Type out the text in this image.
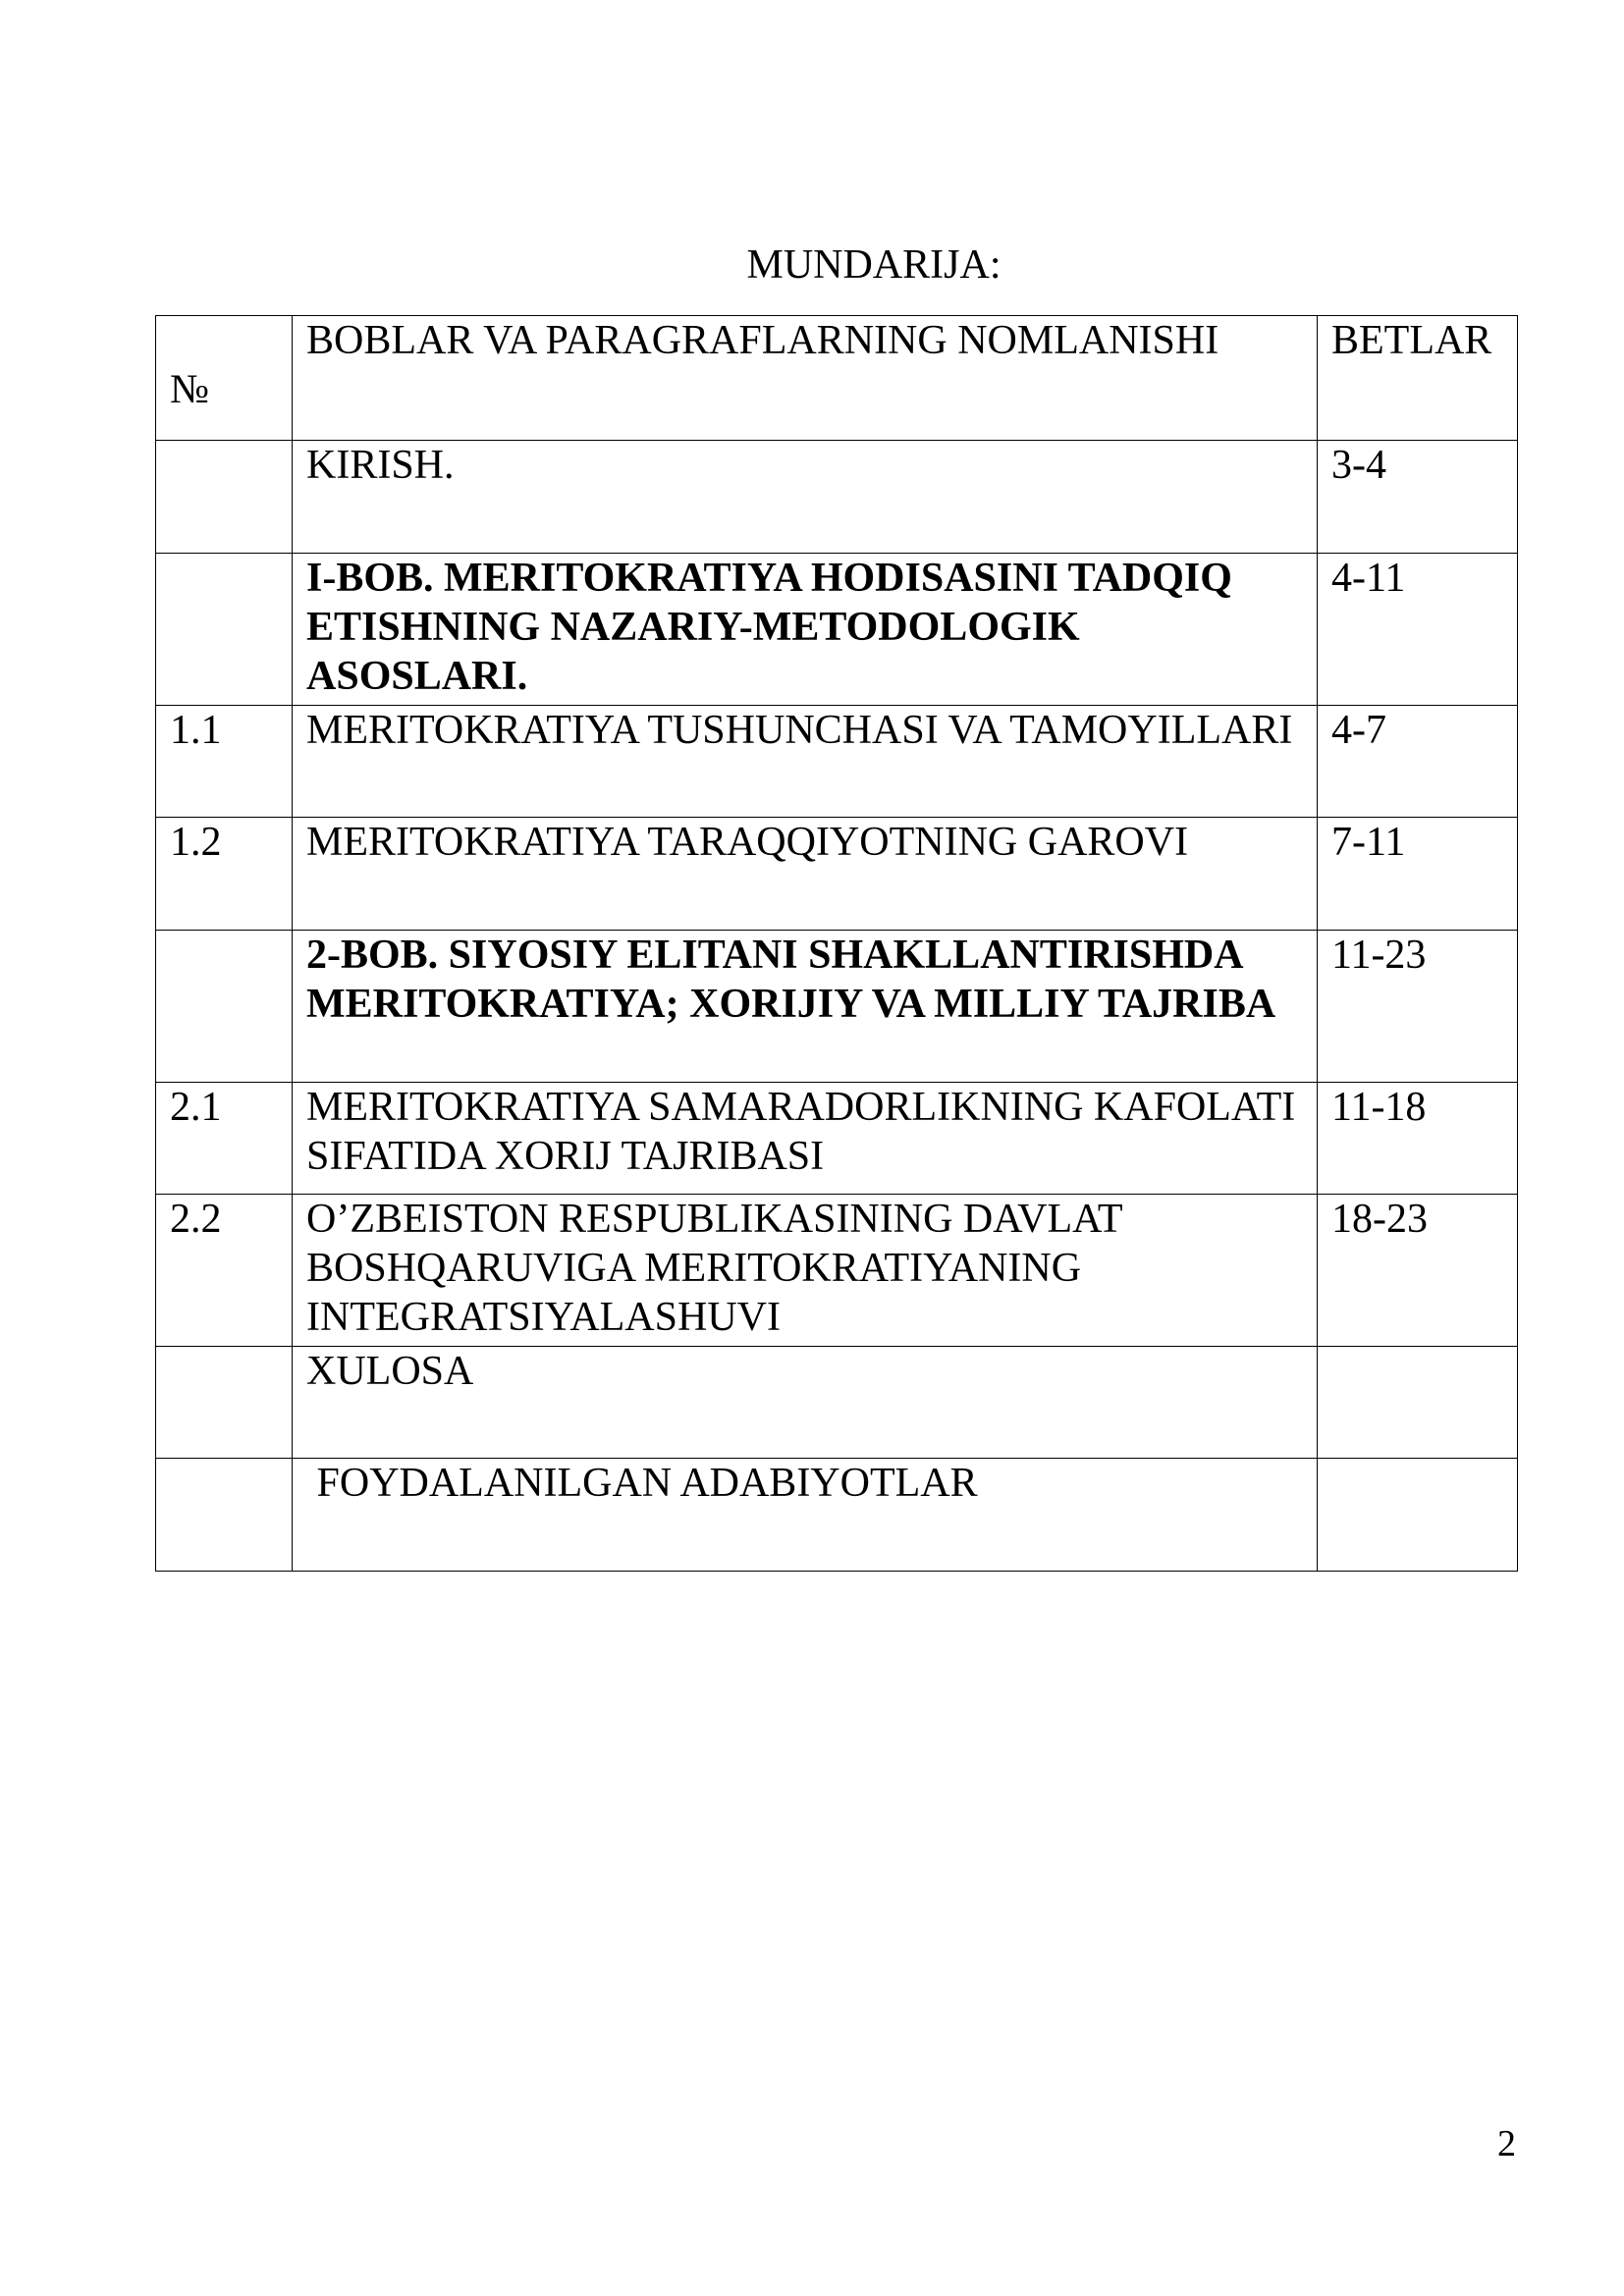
MUNDARIJA:
№	BOBLAR VA PARAGRAFLARNING NOMLANISHI	BETLAR
	KIRISH.	3-4
	I-BOB. MERITOKRATIYA HODISASINI TADQIQ ETISHNING NAZARIY-METODOLOGIK ASOSLARI.	4-11
1.1	MERITOKRATIYA TUSHUNCHASI VA TAMOYILLARI	4-7
1.2	MERITOKRATIYA TARAQQIYOTNING GAROVI	7-11
	2-BOB. SIYOSIY ELITANI SHAKLLANTIRISHDA MERITOKRATIYA; XORIJIY VA MILLIY TAJRIBA	11-23
2.1	MERITOKRATIYA SAMARADORLIKNING KAFOLATI SIFATIDA XORIJ TAJRIBASI	11-18
2.2	O’ZBEISTON RESPUBLIKASINING DAVLAT BOSHQARUVIGA MERITOKRATIYANING INTEGRATSIYALASHUVI	18-23
	XULOSA	
	FOYDALANILGAN ADABIYOTLAR	
2
